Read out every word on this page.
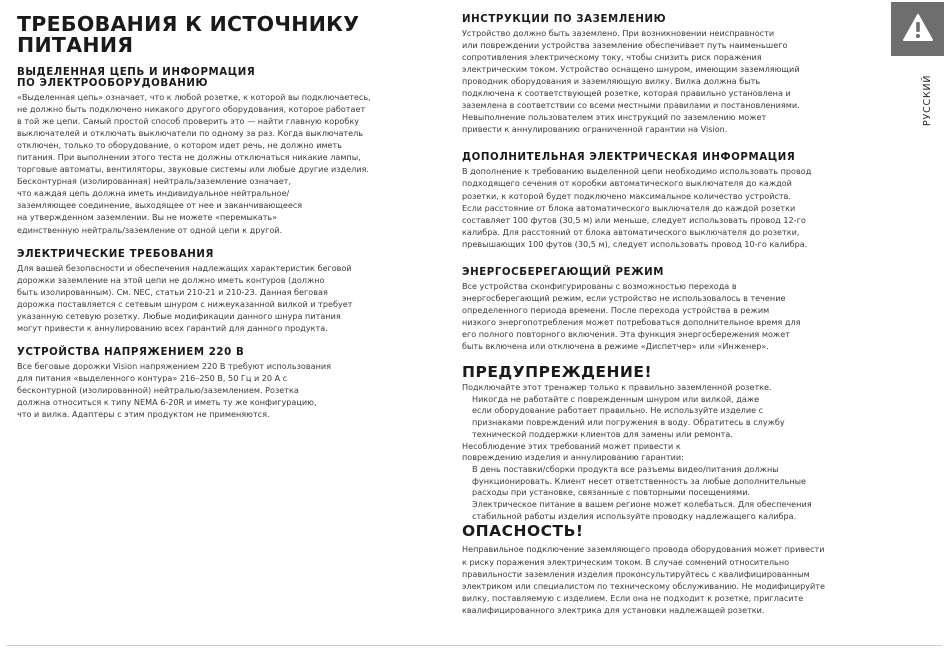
ТРЕБОВАНИЯ К ИСТОЧНИКУ
ПИТАНИЯ
ВЫДЕЛЕННАЯ ЦЕПЬ И ИНФОРМАЦИЯ
ПО ЭЛЕКТРООБОРУДОВАНИЮ
«Выделенная цепь» означает, что к любой розетке, к которой вы подключаетесь,
не должно быть подключено никакого другого оборудования, которое работает
в той же цепи. Самый простой способ проверить это — найти главную коробку
выключателей и отключать выключатели по одному за раз. Когда выключатель
отключен, только то оборудование, о котором идет речь, не должно иметь
питания. При выполнении этого теста не должны отключаться никакие лампы,
торговые автоматы, вентиляторы, звуковые системы или любые другие изделия.
Бесконтурная (изолированная) нейтраль/заземление означает,
что каждая цепь должна иметь индивидуальное нейтральное/
заземляющее соединение, выходящее от нее и заканчивающееся
на утвержденном заземлении. Вы не можете «перемыкать»
единственную нейтраль/заземление от одной цепи к другой.
ЭЛЕКТРИЧЕСКИЕ ТРЕБОВАНИЯ
Для вашей безопасности и обеспечения надлежащих характеристик беговой
дорожки заземление на этой цепи не должно иметь контуров (должно
быть изолированным). См. NEC, статьи 210-21 и 210-23. Данная беговая
дорожка поставляется с сетевым шнуром с нижеуказанной вилкой и требует
указанную сетевую розетку. Любые модификации данного шнура питания
могут привести к аннулированию всех гарантий для данного продукта.
УСТРОЙСТВА НАПРЯЖЕНИЕМ 220 В
Все беговые дорожки Vision напряжением 220 В требуют использования
для питания «выделенного контура» 216–250 В, 50 Гц и 20 А с
бесконтурной (изолированной) нейтралью/заземлением. Розетка
должна относиться к типу NEMA 6-20R и иметь ту же конфигурацию,
что и вилка. Адаптеры с этим продуктом не применяются.
ИНСТРУКЦИИ ПО ЗАЗЕМЛЕНИЮ
Устройство должно быть заземлено. При возникновении неисправности
или повреждении устройства заземление обеспечивает путь наименьшего
сопротивления электрическому току, чтобы снизить риск поражения
электрическим током. Устройство оснащено шнуром, имеющим заземляющий
проводник оборудования и заземляющую вилку. Вилка должна быть
подключена к соответствующей розетке, которая правильно установлена и
заземлена в соответствии со всеми местными правилами и постановлениями.
Невыполнение пользователем этих инструкций по заземлению может
привести к аннулированию ограниченной гарантии на Vision.
ДОПОЛНИТЕЛЬНАЯ ЭЛЕКТРИЧЕСКАЯ ИНФОРМАЦИЯ
В дополнение к требованию выделенной цепи необходимо использовать провод
подходящего сечения от коробки автоматического выключателя до каждой
розетки, к которой будет подключено максимальное количество устройств.
Если расстояние от блока автоматического выключателя до каждой розетки
составляет 100 футов (30,5 м) или меньше, следует использовать провод 12-го
калибра. Для расстояний от блока автоматического выключателя до розетки,
превышающих 100 футов (30,5 м), следует использовать провод 10-го калибра.
ЭНЕРГОСБЕРЕГАЮЩИЙ РЕЖИМ
Все устройства сконфигурированы с возможностью перехода в
энергосберегающий режим, если устройство не использовалось в течение
определенного периода времени. После перехода устройства в режим
низкого энергопотребления может потребоваться дополнительное время для
его полного повторного включения. Эта функция энергосбережения может
быть включена или отключена в режиме «Диспетчер» или «Инженер».
ПРЕДУПРЕЖДЕНИЕ!
Подключайте этот тренажер только к правильно заземленной розетке.
Никогда не работайте с поврежденным шнуром или вилкой, даже
если оборудование работает правильно. Не используйте изделие с
признаками повреждений или погружения в воду. Обратитесь в службу
технической поддержки клиентов для замены или ремонта.
Несоблюдение этих требований может привести к
повреждению изделия и аннулированию гарантии:
В день поставки/сборки продукта все разъемы видео/питания должны
функционировать. Клиент несет ответственность за любые дополнительные
расходы при установке, связанные с повторными посещениями.
Электрическое питание в вашем регионе может колебаться. Для обеспечения
стабильной работы изделия используйте проводку надлежащего калибра.
ОПАСНОСТЬ!
Неправильное подключение заземляющего провода оборудования может привести
к риску поражения электрическим током. В случае сомнений относительно
правильности заземления изделия проконсультируйтесь с квалифицированным
электриком или специалистом по техническому обслуживанию. Не модифицируйте
вилку, поставляемую с изделием. Если она не подходит к розетке, пригласите
квалифицированного электрика для установки надлежащей розетки.
РУССКИЙ
